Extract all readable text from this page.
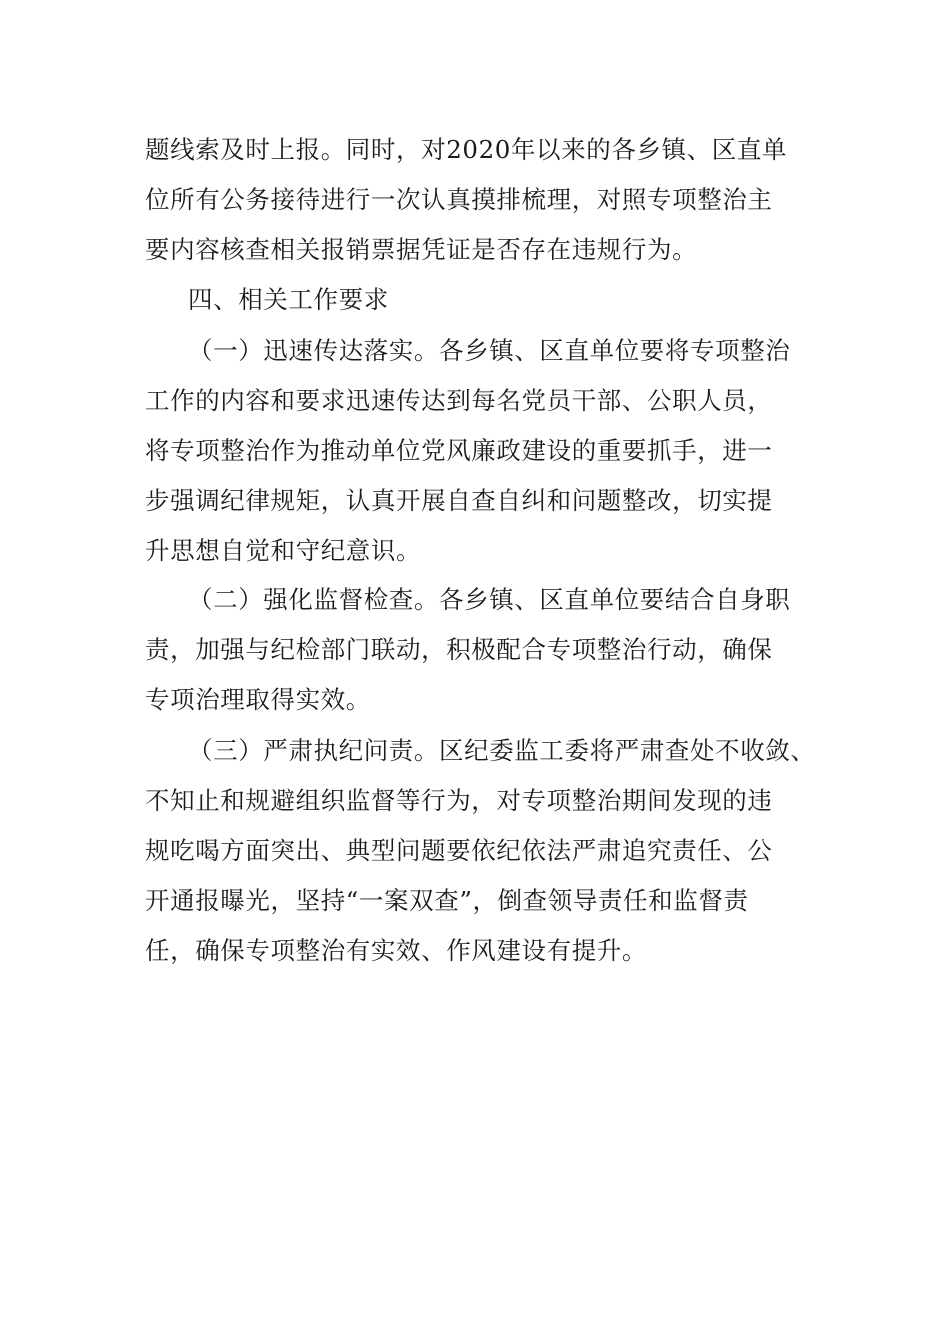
题线索及时上报。同时，对2020年以来的各乡镇、区直单
位所有公务接待进行一次认真摸排梳理，对照专项整治主
要内容核查相关报销票据凭证是否存在违规行为。
四、相关工作要求
（一）迅速传达落实。各乡镇、区直单位要将专项整治
工作的内容和要求迅速传达到每名党员干部、公职人员，
将专项整治作为推动单位党风廉政建设的重要抓手，进一
步强调纪律规矩，认真开展自查自纠和问题整改，切实提
升思想自觉和守纪意识。
（二）强化监督检查。各乡镇、区直单位要结合自身职
责，加强与纪检部门联动，积极配合专项整治行动，确保
专项治理取得实效。
（三）严肃执纪问责。区纪委监工委将严肃查处不收敛、
不知止和规避组织监督等行为，对专项整治期间发现的违
规吃喝方面突出、典型问题要依纪依法严肃追究责任、公
开通报曝光，坚持“一案双查”，倒查领导责任和监督责
任，确保专项整治有实效、作风建设有提升。
